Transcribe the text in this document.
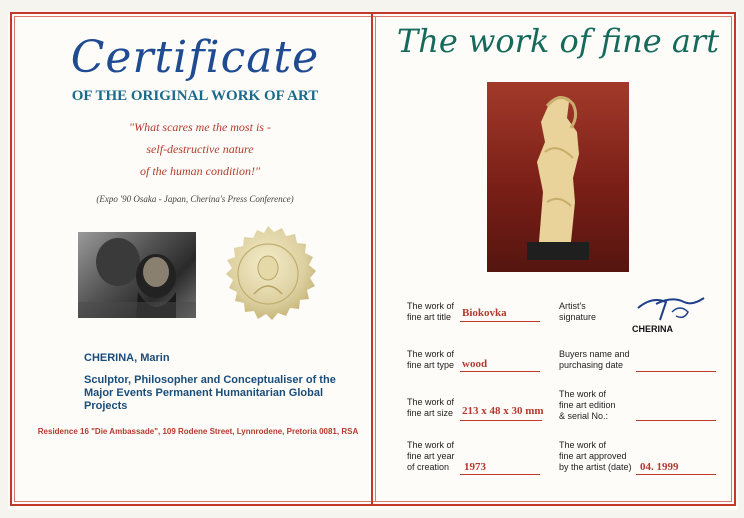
Certificate
OF THE ORIGINAL WORK OF ART
"What scares me the most is -
self-destructive nature
of the human condition!"
(Expo '90 Osaka - Japan, Cherina's Press Conference)
CHERINA, Marin
Sculptor, Philosopher and Conceptualiser of the
Major Events Permanent Humanitarian Global Projects
Residence 16 "Die Ambassade", 109 Rodene Street, Lynnrodene, Pretoria 0081, RSA
The work of fine art
The work of
fine art title Biokovka
The work of
fine art type wood
The work of
fine art size 213 x 48 x 30 mm
The work of
fine art year
of creation	1973
Artist's
signature
CHERINA
Buyers name and
purchasing date
The work of
fine art edition
& serial No.:
The work of
fine art approved
by the artist (date) 04. 1999
